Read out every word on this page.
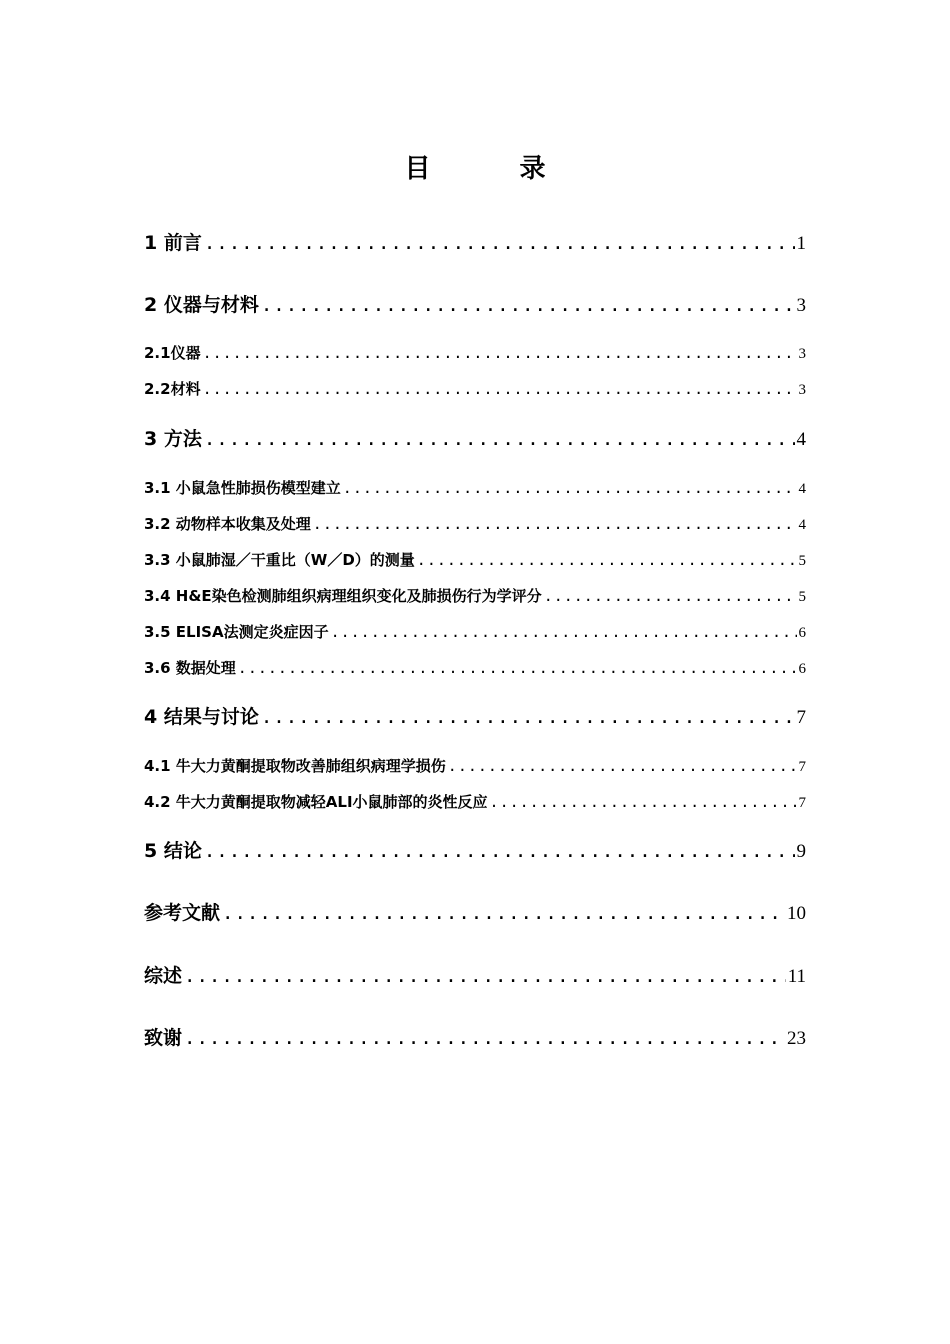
目 录
1 前言 .....	1
2 仪器与材料 .....	3
2.1仪器 .....	3
2.2材料 .....	3
3 方法 .....	4
3.1 小鼠急性肺损伤模型建立 .....	4
3.2 动物样本收集及处理 .....	4
3.3 小鼠肺湿／干重比（W／D）的测量 .....	5
3.4 H&E染色检测肺组织病理组织变化及肺损伤行为学评分 .....	5
3.5 ELISA法测定炎症因子 .....	6
3.6 数据处理 .....	6
4 结果与讨论 .....	7
4.1 牛大力黄酮提取物改善肺组织病理学损伤 .....	7
4.2 牛大力黄酮提取物减轻ALI小鼠肺部的炎性反应 .....	7
5 结论 .....	9
参考文献 .....	10
综述 .....	11
致谢 .....	23
